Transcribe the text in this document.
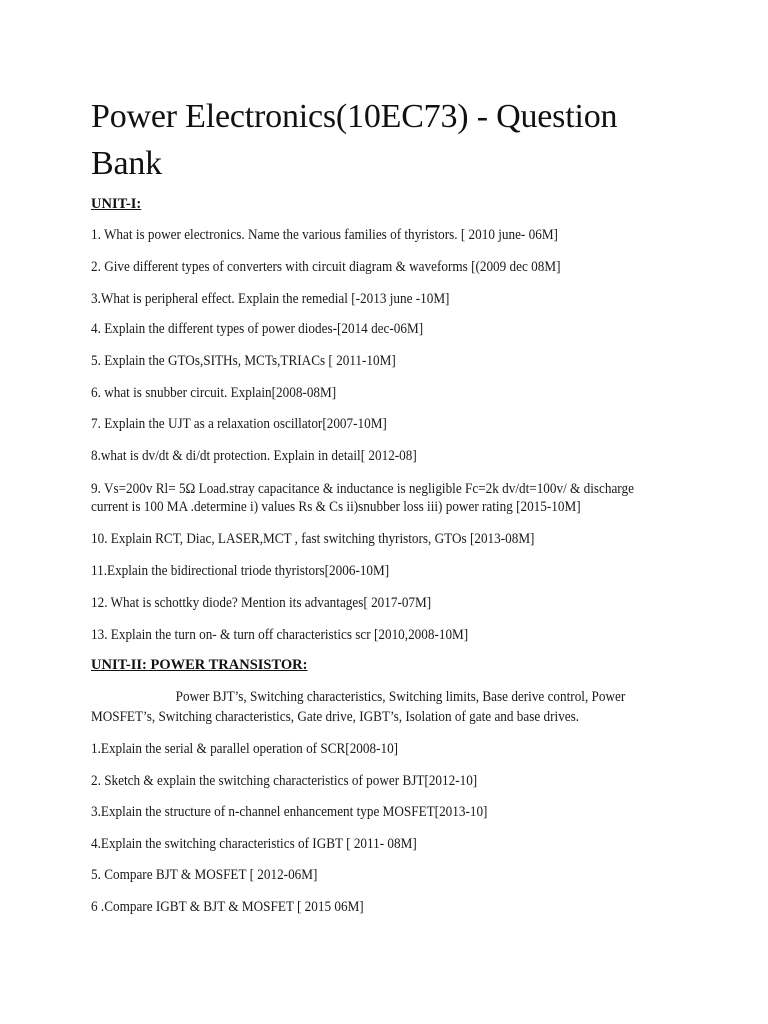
Power Electronics(10EC73) - Question Bank

UNIT-I:

1. What is power electronics. Name the various families of thyristors. [ 2010 june- 06M]

2. Give different types of converters with circuit diagram & waveforms [(2009 dec 08M]

3.What is peripheral effect. Explain the remedial [-2013 june -10M]

4. Explain the different types of power diodes-[2014 dec-06M]

5. Explain the GTOs,SITHs, MCTs,TRIACs [ 2011-10M]

6. what is snubber circuit. Explain[2008-08M]

7. Explain the UJT as a relaxation oscillator[2007-10M]

8.what is dv/dt & di/dt protection. Explain in detail[ 2012-08]

9. Vs=200v Rl= 5Ω Load.stray capacitance & inductance is negligible Fc=2k dv/dt=100v/ & discharge

current is 100 MA .determine i) values Rs & Cs ii)snubber loss iii) power rating [2015-10M]

10. Explain RCT, Diac, LASER,MCT , fast switching thyristors, GTOs [2013-08M]

11.Explain the bidirectional triode thyristors[2006-10M]

12. What is schottky diode? Mention its advantages[ 2017-07M]

13. Explain the turn on- & turn off characteristics scr [2010,2008-10M]

UNIT-II: POWER TRANSISTOR:

Power BJT’s, Switching characteristics, Switching limits, Base derive control, Power
MOSFET’s, Switching characteristics, Gate drive, IGBT’s, Isolation of gate and base drives.

1.Explain the serial & parallel operation of SCR[2008-10]

2. Sketch & explain the switching characteristics of power BJT[2012-10]

3.Explain the structure of n-channel enhancement type MOSFET[2013-10]

4.Explain the switching characteristics of IGBT [ 2011- 08M]

5. Compare BJT & MOSFET [ 2012-06M]

6 .Compare IGBT & BJT & MOSFET [ 2015 06M]
